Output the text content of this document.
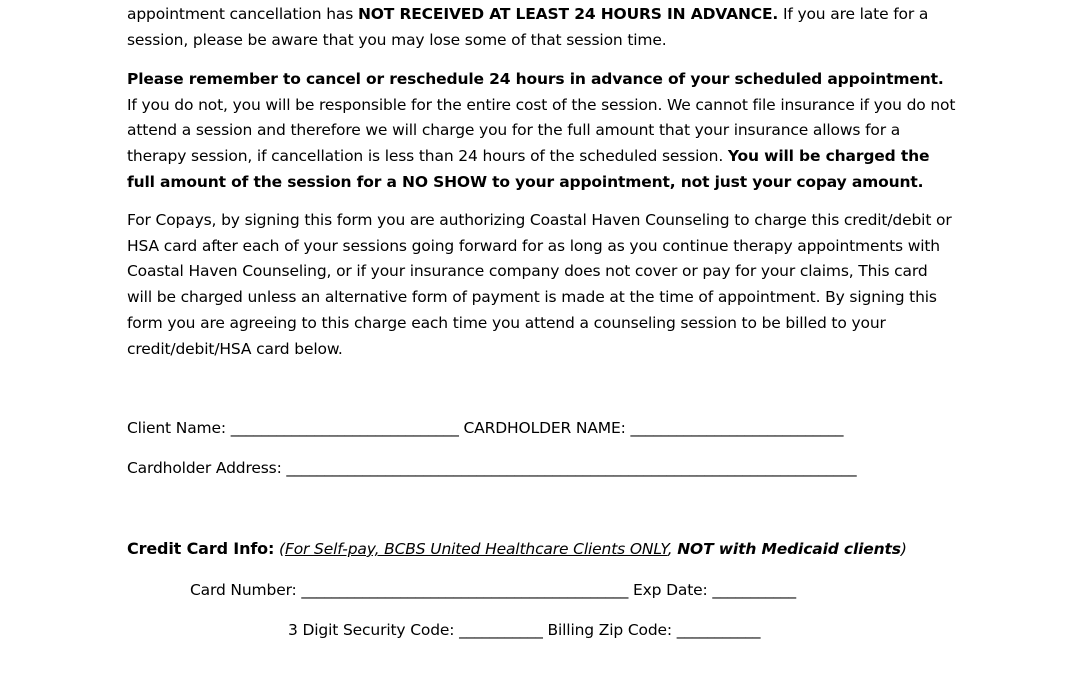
appointment cancellation has NOT RECEIVED AT LEAST 24 HOURS IN ADVANCE. If you are late for a session, please be aware that you may lose some of that session time.

Please remember to cancel or reschedule 24 hours in advance of your scheduled appointment. If you do not, you will be responsible for the entire cost of the session. We cannot file insurance if you do not attend a session and therefore we will charge you for the full amount that your insurance allows for a therapy session, if cancellation is less than 24 hours of the scheduled session. You will be charged the full amount of the session for a NO SHOW to your appointment, not just your copay amount.

For Copays, by signing this form you are authorizing Coastal Haven Counseling to charge this credit/debit or HSA card after each of your sessions going forward for as long as you continue therapy appointments with Coastal Haven Counseling, or if your insurance company does not cover or pay for your claims, This card will be charged unless an alternative form of payment is made at the time of appointment. By signing this form you are agreeing to this charge each time you attend a counseling session to be billed to your credit/debit/HSA card below.

Client Name: ______________________________ CARDHOLDER NAME: ____________________________
Cardholder Address: ___________________________________________________________________________
Credit Card Info: (For Self-pay, BCBS United Healthcare Clients ONLY, NOT with Medicaid clients)
Card Number: ___________________________________________ Exp Date: ___________
3 Digit Security Code: ___________ Billing Zip Code: ___________
